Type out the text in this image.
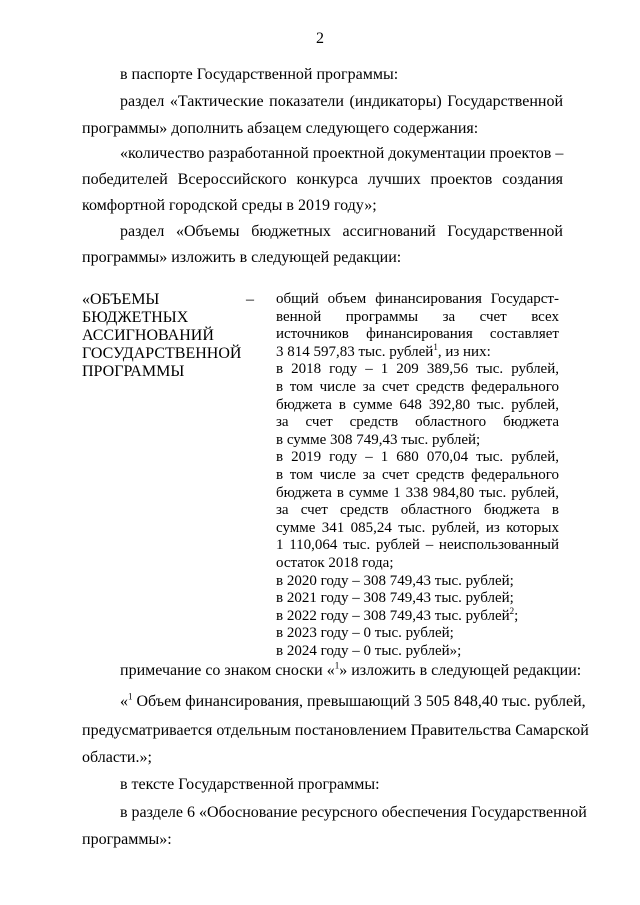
2
в паспорте Государственной программы:
раздел «Тактические показатели (индикаторы) Государственной
программы» дополнить абзацем следующего содержания:
«количество разработанной проектной документации проектов –
победителей Всероссийского конкурса лучших проектов создания
комфортной городской среды в 2019 году»;
раздел «Объемы бюджетных ассигнований Государственной
программы» изложить в следующей редакции:
«ОБЪЕМЫ
БЮДЖЕТНЫХ
АССИГНОВАНИЙ
ГОСУДАРСТВЕННОЙ
ПРОГРАММЫ
– общий объем финансирования Государст-
венной программы за счет всех
источников финансирования составляет
3 814 597,83 тыс. рублей$^1$, из них:
в 2018 году – 1 209 389,56 тыс. рублей,
в том числе за счет средств федерального
бюджета в сумме 648 392,80 тыс. рублей,
за счет средств областного бюджета
в сумме 308 749,43 тыс. рублей;
в 2019 году – 1 680 070,04 тыс. рублей,
в том числе за счет средств федерального
бюджета в сумме 1 338 984,80 тыс. рублей,
за счет средств областного бюджета в
сумме 341 085,24 тыс. рублей, из которых
1 110,064 тыс. рублей – неиспользованный
остаток 2018 года;
в 2020 году – 308 749,43 тыс. рублей;
в 2021 году – 308 749,43 тыс. рублей;
в 2022 году – 308 749,43 тыс. рублей$^2$;
в 2023 году – 0 тыс. рублей;
в 2024 году – 0 тыс. рублей»;
примечание со знаком сноски «$^1$» изложить в следующей редакции:
«$^1$ Объем финансирования, превышающий 3 505 848,40 тыс. рублей,
предусматривается отдельным постановлением Правительства Самарской
области.»;
в тексте Государственной программы:
в разделе 6 «Обоснование ресурсного обеспечения Государственной
программы»:
